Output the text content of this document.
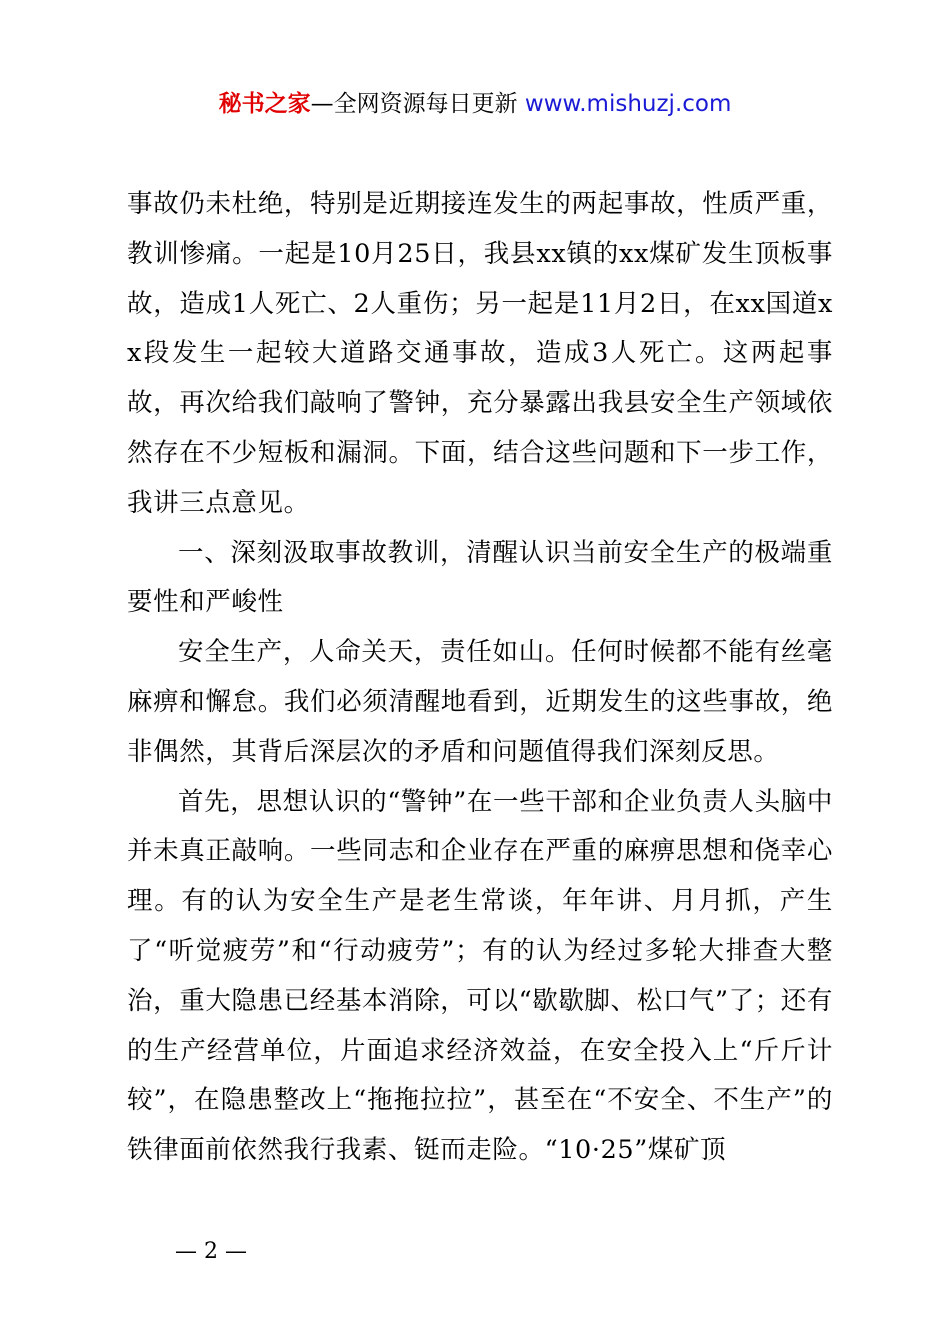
秘书之家—全网资源每日更新 www.mishuzj.com

事故仍未杜绝，特别是近期接连发生的两起事故，性质严重，教训惨痛。一起是10月25日，我县xx镇的xx煤矿发生顶板事故，造成1人死亡、2人重伤；另一起是11月2日，在xx国道xx段发生一起较大道路交通事故，造成3人死亡。这两起事故，再次给我们敲响了警钟，充分暴露出我县安全生产领域依然存在不少短板和漏洞。下面，结合这些问题和下一步工作，我讲三点意见。

一、深刻汲取事故教训，清醒认识当前安全生产的极端重要性和严峻性

安全生产，人命关天，责任如山。任何时候都不能有丝毫麻痹和懈怠。我们必须清醒地看到，近期发生的这些事故，绝非偶然，其背后深层次的矛盾和问题值得我们深刻反思。

首先，思想认识的“警钟”在一些干部和企业负责人头脑中并未真正敲响。一些同志和企业存在严重的麻痹思想和侥幸心理。有的认为安全生产是老生常谈，年年讲、月月抓，产生了“听觉疲劳”和“行动疲劳”；有的认为经过多轮大排查大整治，重大隐患已经基本消除，可以“歇歇脚、松口气”了；还有的生产经营单位，片面追求经济效益，在安全投入上“斤斤计较”，在隐患整改上“拖拖拉拉”，甚至在“不安全、不生产”的铁律面前依然我行我素、铤而走险。“10·25”煤矿顶

— 2 —
